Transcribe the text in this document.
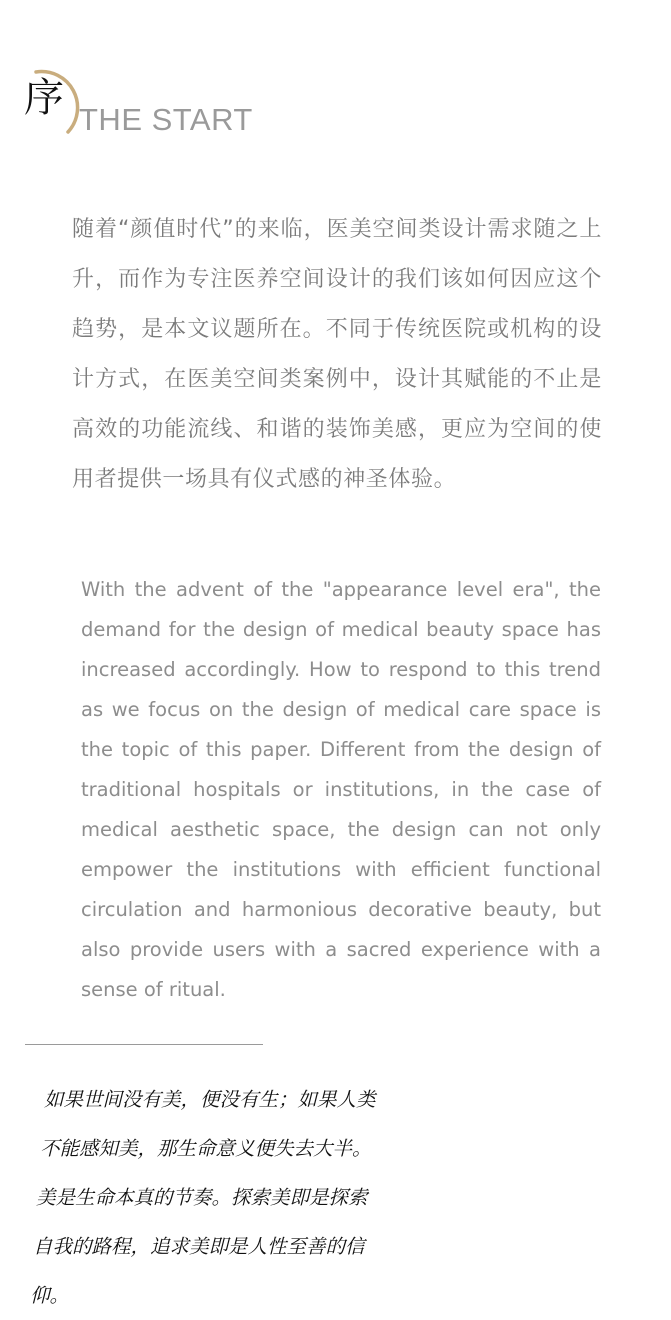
序 THE START

随着“颜值时代”的来临，医美空间类设计需求随之上升，而作为专注医养空间设计的我们该如何因应这个趋势，是本文议题所在。不同于传统医院或机构的设计方式，在医美空间类案例中，设计其赋能的不止是高效的功能流线、和谐的装饰美感，更应为空间的使用者提供一场具有仪式感的神圣体验。

With the advent of the "appearance level era", the demand for the design of medical beauty space has increased accordingly. How to respond to this trend as we focus on the design of medical care space is the topic of this paper. Different from the design of traditional hospitals or institutions, in the case of medical aesthetic space, the design can not only empower the institutions with efficient functional circulation and harmonious decorative beauty, but also provide users with a sacred experience with a sense of ritual.

如果世间没有美，便没有生；如果人类
不能感知美，那生命意义便失去大半。
美是生命本真的节奏。探索美即是探索
自我的路程，追求美即是人性至善的信
仰。
